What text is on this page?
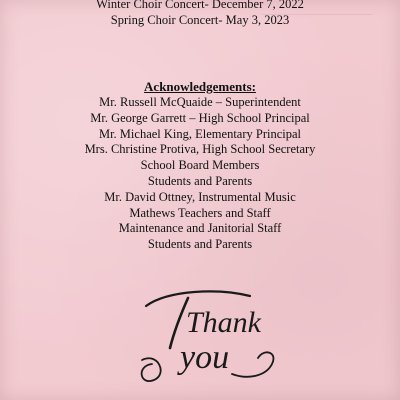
Winter Choir Concert- December 7, 2022
Spring Choir Concert- May 3, 2023
Acknowledgements:
Mr. Russell McQuaide – Superintendent
Mr. George Garrett – High School Principal
Mr. Michael King, Elementary Principal
Mrs. Christine Protiva, High School Secretary
School Board Members
Students and Parents
Mr. David Ottney, Instrumental Music
Mathews Teachers and Staff
Maintenance and Janitorial Staff
Students and Parents
Thank
you
